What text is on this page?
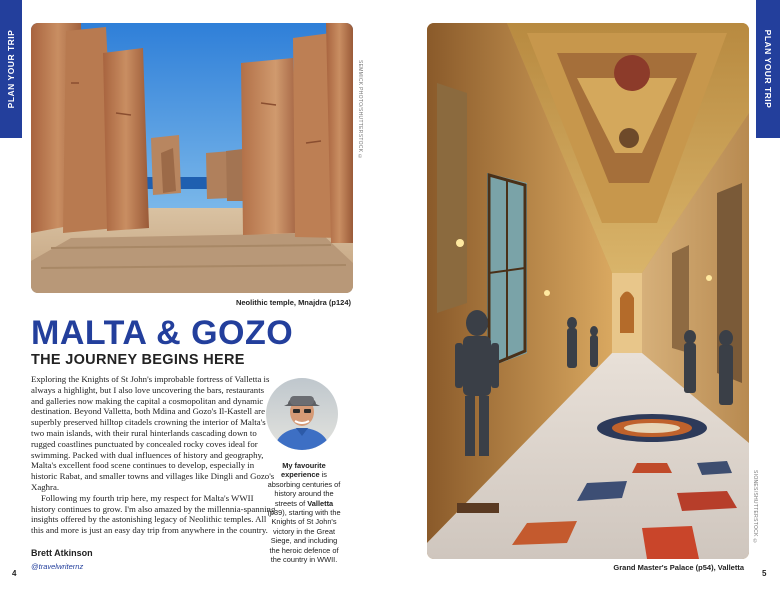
PLAN YOUR TRIP	SEMMICK PHOTO/SHUTTERSTOCK ©
Neolithic temple, Mnajdra (p124)
MALTA & GOZO
THE JOURNEY BEGINS HERE

Exploring the Knights of St John's improbable fortress of Valletta is always a highlight, but I also love uncovering the bars, restaurants and galleries now making the capital a cosmopolitan and dynamic destination. Beyond Valletta, both Mdina and Gozo's Il-Kastell are superbly preserved hilltop citadels crowning the interior of Malta's two main islands, with their rural hinterlands cascading down to rugged coastlines punctuated by concealed rocky coves ideal for swimming. Packed with dual influences of history and geography, Malta's excellent food scene continues to develop, especially in historic Rabat, and smaller towns and villages like Dingli and Gozo's Xagħra.

Following my fourth trip here, my respect for Malta's WWII history continues to grow. I'm also amazed by the millennia-spanning insights offered by the astonishing legacy of Neolithic temples. All this and more is just an easy day trip from anywhere in the country.

Brett Atkinson
@travelwriternz
My favourite experience is absorbing centuries of history around the streets of Valletta (p39), starting with the Knights of St John's victory in the Great Siege, and including the heroic defence of the country in WWII.
4
PLAN YOUR TRIP
SIONES/SHUTTERSTOCK ©
Grand Master's Palace (p54), Valletta
5
